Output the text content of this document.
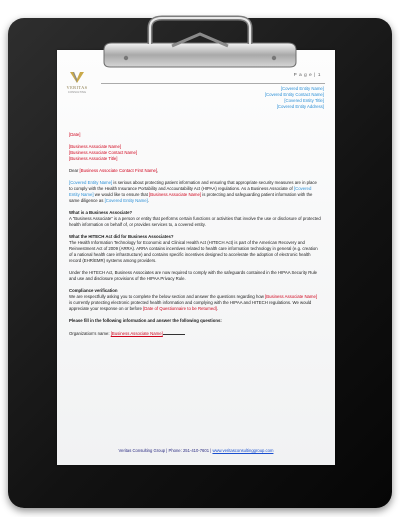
VERITAS
CONSULTING
P a g e | 1
[Covered Entity Name]
[Covered Entity Contact Name]
[Covered Entity Title]
[Covered Entity Address]

[Date]

[Business Associate Name]
[Business Associate Contact Name]
[Business Associate Title]

Dear [Business Associate Contact First Name],

[Covered Entity Name] is serious about protecting patient information and ensuring that appropriate security measures are in place to comply with the Health Insurance Portability and Accountability Act (HIPAA) regulations. As a Business Associate of [Covered Entity Name] we would like to ensure that [Business Associate Name] is protecting and safeguarding patient information with the same diligence as [Covered Entity Name].

What is a Business Associate?

A “Business Associate” is a person or entity that performs certain functions or activities that involve the use or disclosure of protected health information on behalf of, or provides services to, a covered entity.

What the HITECH Act did for Business Associates?

The Health Information Technology for Economic and Clinical Health Act (HITECH Act) is part of the American Recovery and Reinvestment Act of 2009 (ARRA). ARRA contains incentives related to health care information technology in general (e.g. creation of a national health care infrastructure) and contains specific incentives designed to accelerate the adoption of electronic health record (EHR/EMR) systems among providers.

Under the HITECH Act, Business Associates are now required to comply with the safeguards contained in the HIPAA Security Rule and use and disclosure provisions of the HIPAA Privacy Rule.

Compliance verification

We are respectfully asking you to complete the below section and answer the questions regarding how [Business Associate Name] is currently protecting electronic protected health information and complying with the HIPAA and HITECH regulations. We would appreciate your response on or before [Date of Questionnaire to be Returned].

Please fill in the following information and answer the following questions:

Organization’s name: [Business Associate Name]

Veritas Consulting Group | Phone: 251-410-7601 | www.veritasconsultinggroup.com
